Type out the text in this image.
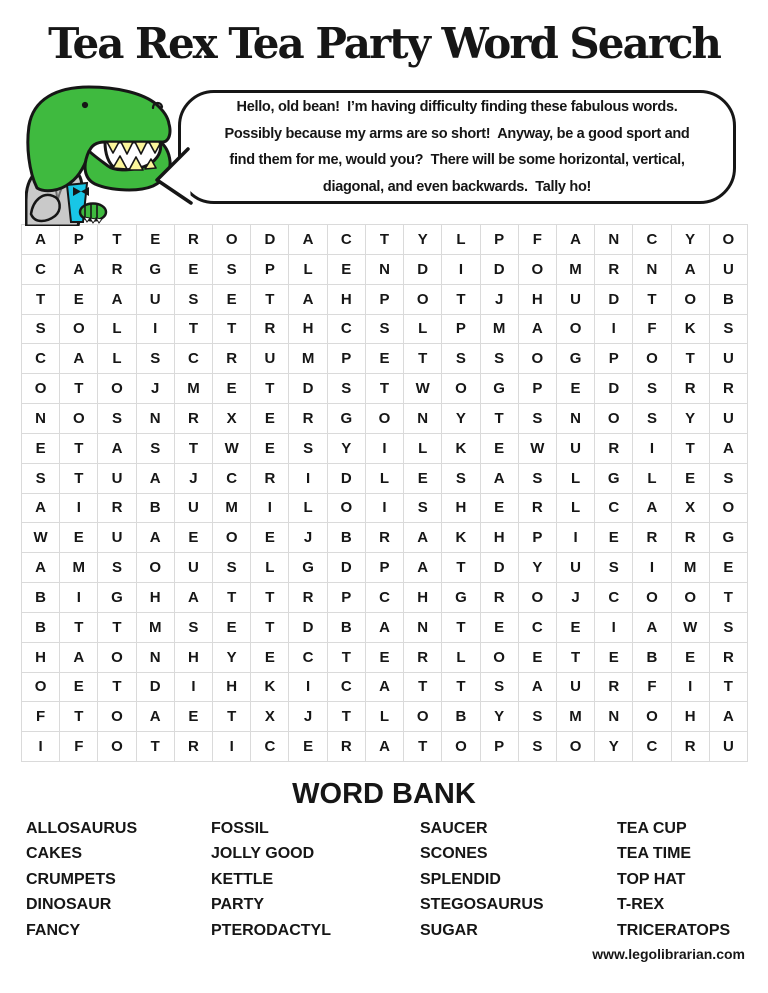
Tea Rex Tea Party Word Search
Hello, old bean!  I’m having difficulty finding these fabulous words.
Possibly because my arms are so short!  Anyway, be a good sport and
find them for me, would you?  There will be some horizontal, vertical,
diagonal, and even backwards.  Tally ho!
A	P	T	E	R	O	D	A	C	T	Y	L	P	F	A	N	C	Y	O
C	A	R	G	E	S	P	L	E	N	D	I	D	O	M	R	N	A	U
T	E	A	U	S	E	T	A	H	P	O	T	J	H	U	D	T	O	B
S	O	L	I	T	T	R	H	C	S	L	P	M	A	O	I	F	K	S
C	A	L	S	C	R	U	M	P	E	T	S	S	O	G	P	O	T	U
O	T	O	J	M	E	T	D	S	T	W	O	G	P	E	D	S	R	R
N	O	S	N	R	X	E	R	G	O	N	Y	T	S	N	O	S	Y	U
E	T	A	S	T	W	E	S	Y	I	L	K	E	W	U	R	I	T	A
S	T	U	A	J	C	R	I	D	L	E	S	A	S	L	G	L	E	S
A	I	R	B	U	M	I	L	O	I	S	H	E	R	L	C	A	X	O
W	E	U	A	E	O	E	J	B	R	A	K	H	P	I	E	R	R	G
A	M	S	O	U	S	L	G	D	P	A	T	D	Y	U	S	I	M	E
B	I	G	H	A	T	T	R	P	C	H	G	R	O	J	C	O	O	T
B	T	T	M	S	E	T	D	B	A	N	T	E	C	E	I	A	W	S
H	A	O	N	H	Y	E	C	T	E	R	L	O	E	T	E	B	E	R
O	E	T	D	I	H	K	I	C	A	T	T	S	A	U	R	F	I	T
F	T	O	A	E	T	X	J	T	L	O	B	Y	S	M	N	O	H	A
I	F	O	T	R	I	C	E	R	A	T	O	P	S	O	Y	C	R	U
WORD BANK
ALLOSAURUS
CAKES
CRUMPETS
DINOSAUR
FANCY
FOSSIL
JOLLY GOOD
KETTLE
PARTY
PTERODACTYL
SAUCER
SCONES
SPLENDID
STEGOSAURUS
SUGAR
TEA CUP
TEA TIME
TOP HAT
T-REX
TRICERATOPS
www.legolibrarian.com
